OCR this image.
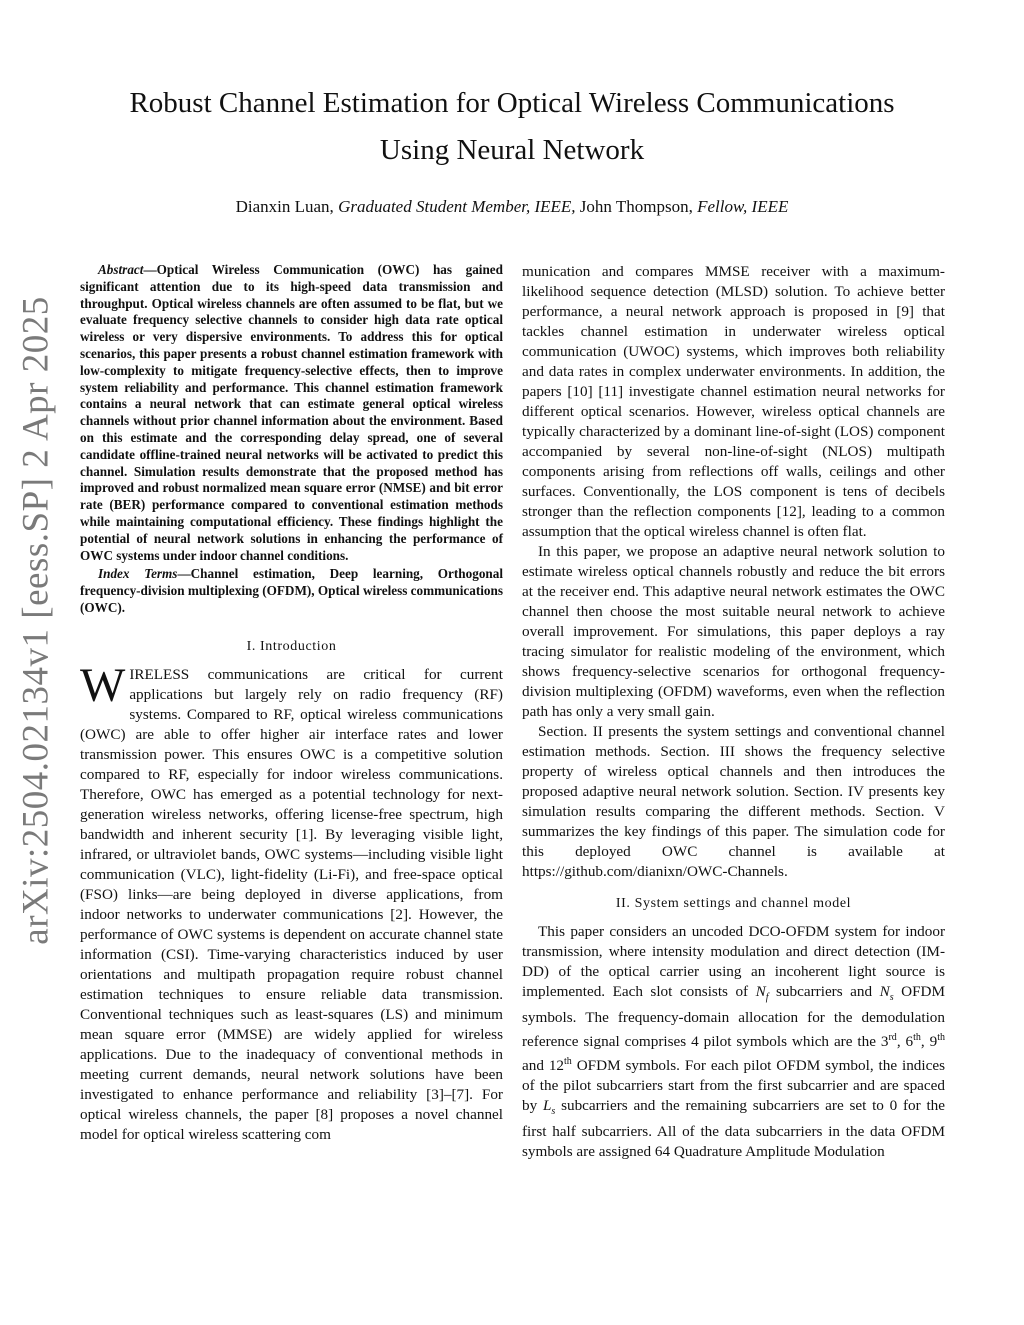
arXiv:2504.02134v1 [eess.SP] 2 Apr 2025
Robust Channel Estimation for Optical Wireless Communications
Using Neural Network
Dianxin Luan, Graduated Student Member, IEEE, John Thompson, Fellow, IEEE

Abstract—Optical Wireless Communication (OWC) has gained significant attention due to its high-speed data transmission and throughput. Optical wireless channels are often assumed to be flat, but we evaluate frequency selective channels to consider high data rate optical wireless or very dispersive environments. To address this for optical scenarios, this paper presents a robust channel estimation framework with low-complexity to mitigate frequency-selective effects, then to improve system reliability and performance. This channel estimation framework contains a neural network that can estimate general optical wireless channels without prior channel information about the environment. Based on this estimate and the corresponding delay spread, one of several candidate offline-trained neural networks will be activated to predict this channel. Simulation results demonstrate that the proposed method has improved and robust normalized mean square error (NMSE) and bit error rate (BER) performance compared to conventional estimation methods while maintaining computational efficiency. These findings highlight the potential of neural network solutions in enhancing the performance of OWC systems under indoor channel conditions.

Index Terms—Channel estimation, Deep learning, Orthogonal frequency-division multiplexing (OFDM), Optical wireless communications (OWC).

I. Introduction

WIRELESS communications are critical for current applications but largely rely on radio frequency (RF) systems. Compared to RF, optical wireless communications (OWC) are able to offer higher air interface rates and lower transmission power. This ensures OWC is a competitive solution compared to RF, especially for indoor wireless communications. Therefore, OWC has emerged as a potential technology for next-generation wireless networks, offering license-free spectrum, high bandwidth and inherent security [1]. By leveraging visible light, infrared, or ultraviolet bands, OWC systems—including visible light communication (VLC), light-fidelity (Li-Fi), and free-space optical (FSO) links—are being deployed in diverse applications, from indoor networks to underwater communications [2]. However, the performance of OWC systems is dependent on accurate channel state information (CSI). Time-varying characteristics induced by user orientations and multipath propagation require robust channel estimation techniques to ensure reliable data transmission. Conventional techniques such as least-squares (LS) and minimum mean square error (MMSE) are widely applied for wireless applications. Due to the inadequacy of conventional methods in meeting current demands, neural network solutions have been investigated to enhance performance and reliability [3]–[7]. For optical wireless channels, the paper [8] proposes a novel channel model for optical wireless scattering com

munication and compares MMSE receiver with a maximum-likelihood sequence detection (MLSD) solution. To achieve better performance, a neural network approach is proposed in [9] that tackles channel estimation in underwater wireless optical communication (UWOC) systems, which improves both reliability and data rates in complex underwater environments. In addition, the papers [10] [11] investigate channel estimation neural networks for different optical scenarios. However, wireless optical channels are typically characterized by a dominant line-of-sight (LOS) component accompanied by several non-line-of-sight (NLOS) multipath components arising from reflections off walls, ceilings and other surfaces. Conventionally, the LOS component is tens of decibels stronger than the reflection components [12], leading to a common assumption that the optical wireless channel is often flat.

In this paper, we propose an adaptive neural network solution to estimate wireless optical channels robustly and reduce the bit errors at the receiver end. This adaptive neural network estimates the OWC channel then choose the most suitable neural network to achieve overall improvement. For simulations, this paper deploys a ray tracing simulator for realistic modeling of the environment, which shows frequency-selective scenarios for orthogonal frequency-division multiplexing (OFDM) waveforms, even when the reflection path has only a very small gain.

Section. II presents the system settings and conventional channel estimation methods. Section. III shows the frequency selective property of wireless optical channels and then introduces the proposed adaptive neural network solution. Section. IV presents key simulation results comparing the different methods. Section. V summarizes the key findings of this paper. The simulation code for this deployed OWC channel is available at https://github.com/dianixn/OWC-Channels.

II. System settings and channel model

This paper considers an uncoded DCO-OFDM system for indoor transmission, where intensity modulation and direct detection (IM-DD) of the optical carrier using an incoherent light source is implemented. Each slot consists of $N_f$ subcarriers and $N_s$ OFDM symbols. The frequency-domain allocation for the demodulation reference signal comprises 4 pilot symbols which are the 3rd, 6th, 9th and 12th OFDM symbols. For each pilot OFDM symbol, the indices of the pilot subcarriers start from the first subcarrier and are spaced by $L_s$ subcarriers and the remaining subcarriers are set to 0 for the first half subcarriers. All of the data subcarriers in the data OFDM symbols are assigned 64 Quadrature Amplitude Modulation
